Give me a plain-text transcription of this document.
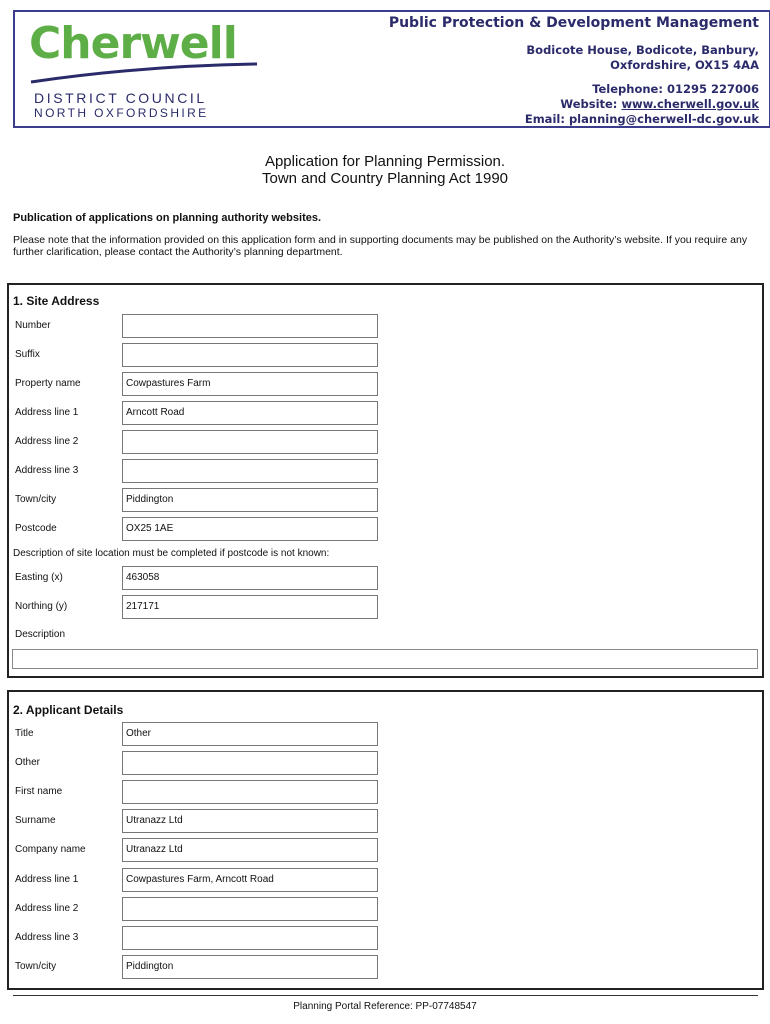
Cherwell
DISTRICT COUNCIL
NORTH OXFORDSHIRE
Public Protection & Development Management
Bodicote House, Bodicote, Banbury,
Oxfordshire, OX15 4AA
Telephone: 01295 227006
Website: www.cherwell.gov.uk
Email: planning@cherwell-dc.gov.uk
Application for Planning Permission.
Town and Country Planning Act 1990
Publication of applications on planning authority websites.
Please note that the information provided on this application form and in supporting documents may be published on the Authority’s website. If you require any further clarification, please contact the Authority’s planning department.
1. Site Address
Number
Suffix
Property name	Cowpastures Farm
Address line 1	Arncott Road
Address line 2
Address line 3
Town/city	Piddington
Postcode	OX25 1AE
Description of site location must be completed if postcode is not known:
Easting (x)	463058
Northing (y)	217171
Description
2. Applicant Details
Title	Other
Other
First name
Surname	Utranazz Ltd
Company name	Utranazz Ltd
Address line 1	Cowpastures Farm, Arncott Road
Address line 2
Address line 3
Town/city	Piddington
Planning Portal Reference: PP-07748547
